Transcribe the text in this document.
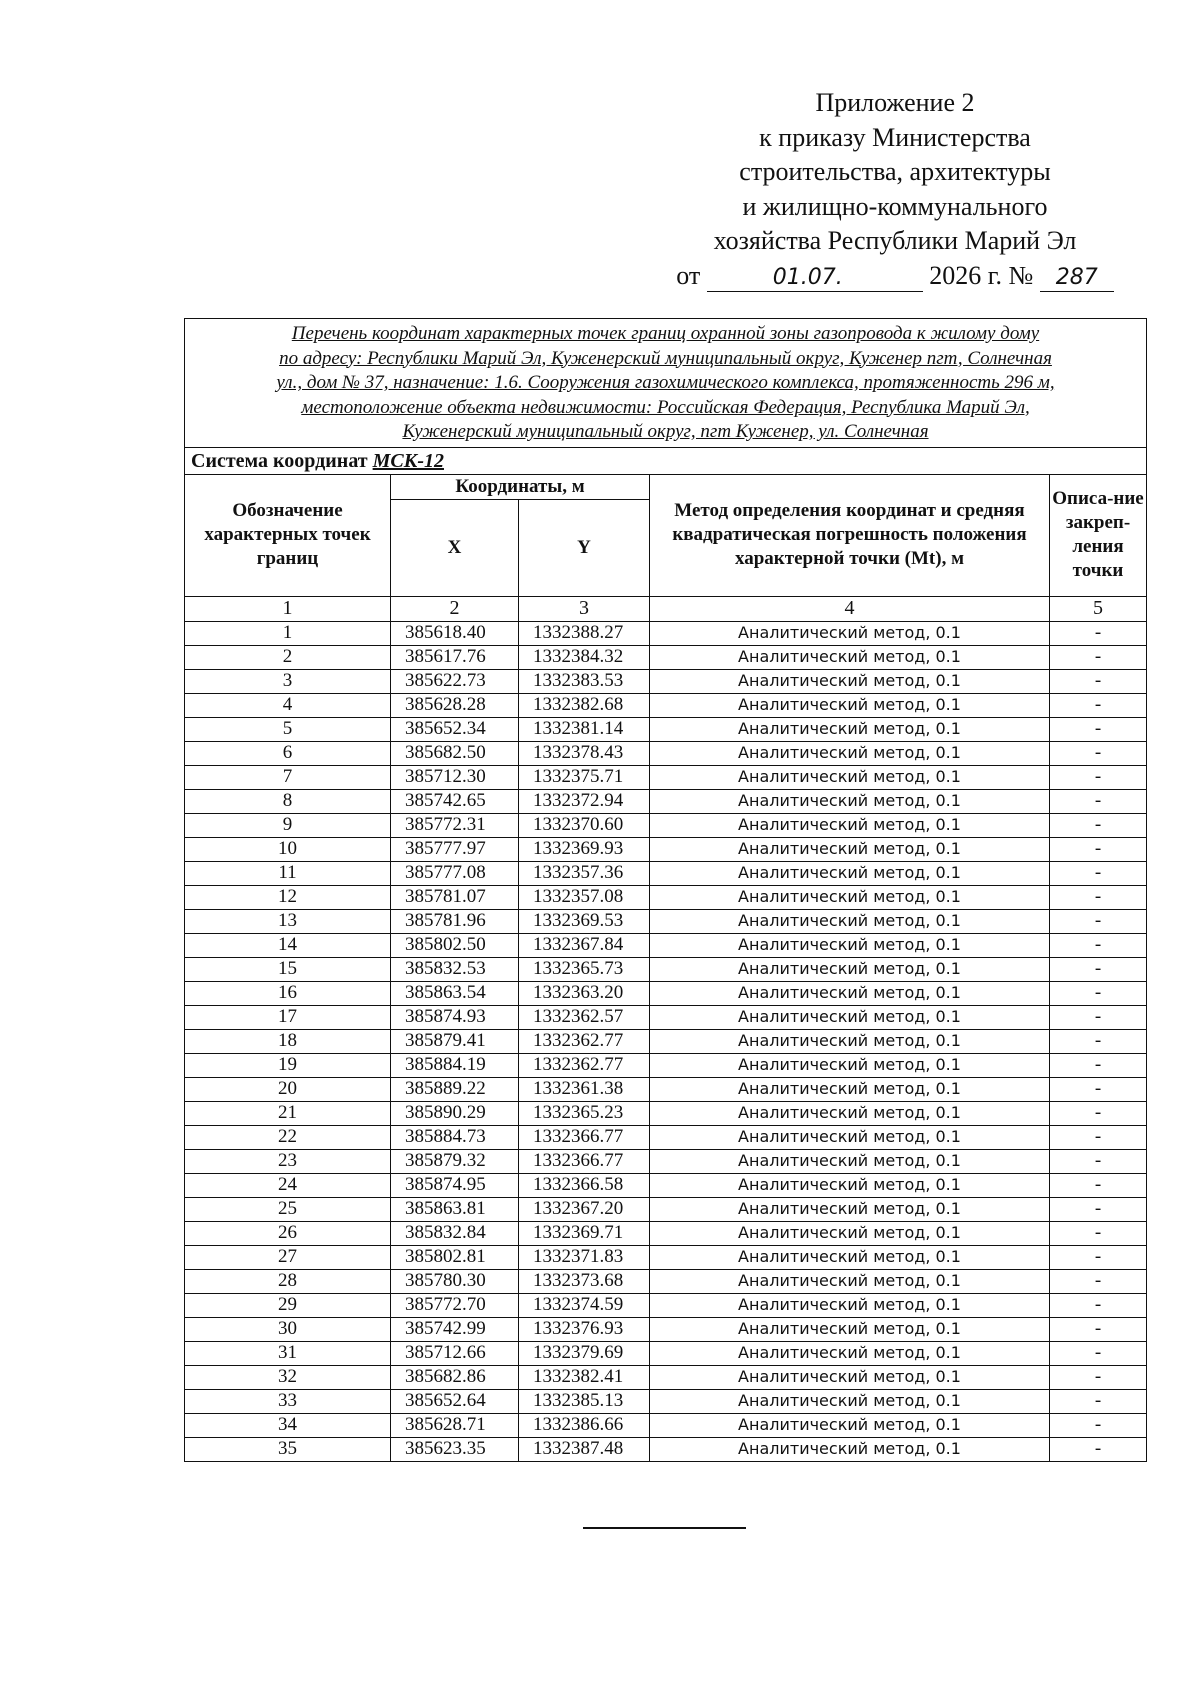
Приложение 2
к приказу Министерства
строительства, архитектуры
и жилищно-коммунального
хозяйства Республики Марий Эл
от	01.07.	2026 г. № 287
Перечень координат характерных точек границ охранной зоны газопровода к жилому дому
по адресу: Республики Марий Эл, Куженерский муниципальный округ, Куженер пгт, Солнечная
ул., дом № 37, назначение: 1.6. Сооружения газохимического комплекса, протяженность 296 м,
местоположение объекта недвижимости: Российская Федерация, Республика Марий Эл,
Куженерский муниципальный округ, пгт Куженер, ул. Солнечная				

Система координат МСК-12				
Обозначение характерных точек границ	Координаты, м		Метод определения координат и средняя квадратическая погрешность положения характерной точки (Mt), м	Описа-ние закреп-ления точки
	X	Y		
1	2	3	4	5
1	385618.40	1332388.27	Аналитический метод, 0.1	-
2	385617.76	1332384.32	Аналитический метод, 0.1	-
3	385622.73	1332383.53	Аналитический метод, 0.1	-
4	385628.28	1332382.68	Аналитический метод, 0.1	-
5	385652.34	1332381.14	Аналитический метод, 0.1	-
6	385682.50	1332378.43	Аналитический метод, 0.1	-
7	385712.30	1332375.71	Аналитический метод, 0.1	-
8	385742.65	1332372.94	Аналитический метод, 0.1	-
9	385772.31	1332370.60	Аналитический метод, 0.1	-
10	385777.97	1332369.93	Аналитический метод, 0.1	-
11	385777.08	1332357.36	Аналитический метод, 0.1	-
12	385781.07	1332357.08	Аналитический метод, 0.1	-
13	385781.96	1332369.53	Аналитический метод, 0.1	-
14	385802.50	1332367.84	Аналитический метод, 0.1	-
15	385832.53	1332365.73	Аналитический метод, 0.1	-
16	385863.54	1332363.20	Аналитический метод, 0.1	-
17	385874.93	1332362.57	Аналитический метод, 0.1	-
18	385879.41	1332362.77	Аналитический метод, 0.1	-
19	385884.19	1332362.77	Аналитический метод, 0.1	-
20	385889.22	1332361.38	Аналитический метод, 0.1	-
21	385890.29	1332365.23	Аналитический метод, 0.1	-
22	385884.73	1332366.77	Аналитический метод, 0.1	-
23	385879.32	1332366.77	Аналитический метод, 0.1	-
24	385874.95	1332366.58	Аналитический метод, 0.1	-
25	385863.81	1332367.20	Аналитический метод, 0.1	-
26	385832.84	1332369.71	Аналитический метод, 0.1	-
27	385802.81	1332371.83	Аналитический метод, 0.1	-
28	385780.30	1332373.68	Аналитический метод, 0.1	-
29	385772.70	1332374.59	Аналитический метод, 0.1	-
30	385742.99	1332376.93	Аналитический метод, 0.1	-
31	385712.66	1332379.69	Аналитический метод, 0.1	-
32	385682.86	1332382.41	Аналитический метод, 0.1	-
33	385652.64	1332385.13	Аналитический метод, 0.1	-
34	385628.71	1332386.66	Аналитический метод, 0.1	-
35	385623.35	1332387.48	Аналитический метод, 0.1	-
